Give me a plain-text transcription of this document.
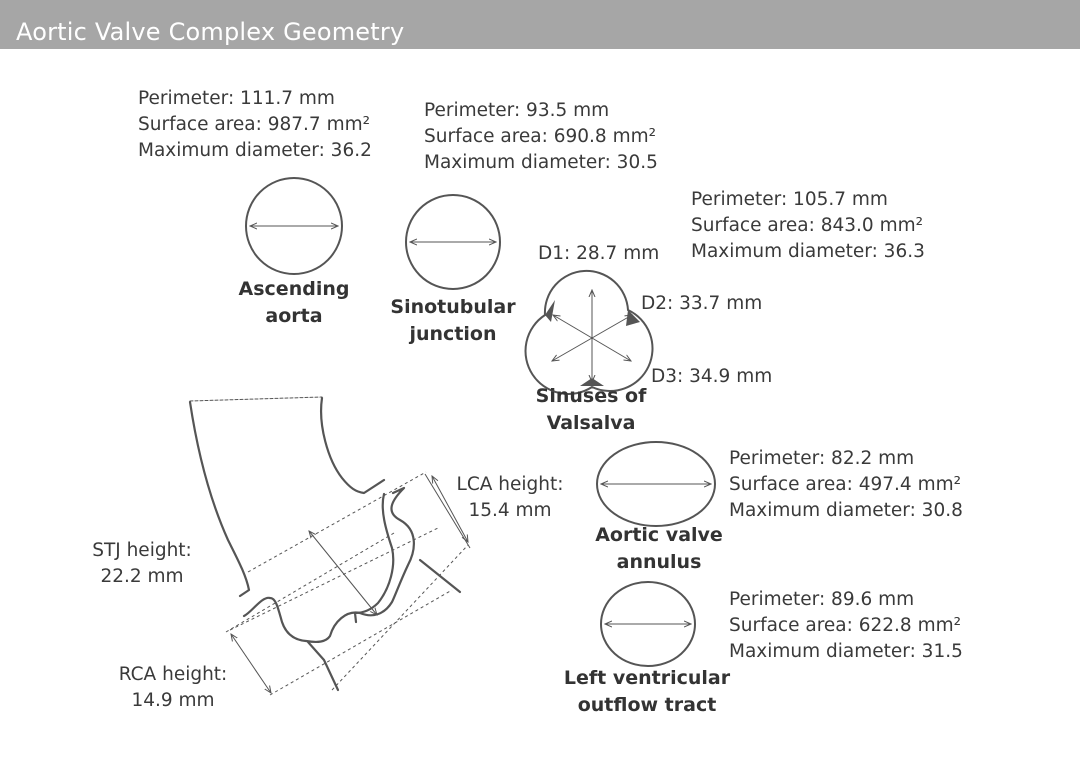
Aortic Valve Complex Geometry
Perimeter: 111.7 mm
Surface area: 987.7 mm²
Maximum diameter: 36.2
Ascending
aorta
Perimeter: 93.5 mm
Surface area: 690.8 mm²
Maximum diameter: 30.5
Sinotubular
junction
Perimeter: 105.7 mm
Surface area: 843.0 mm²
Maximum diameter: 36.3
D1: 28.7 mm
D2: 33.7 mm
D3: 34.9 mm
Sinuses of
Valsalva
Perimeter: 82.2 mm
Surface area: 497.4 mm²
Maximum diameter: 30.8
Aortic valve
annulus
Perimeter: 89.6 mm
Surface area: 622.8 mm²
Maximum diameter: 31.5
Left ventricular
outflow tract
LCA height:
15.4 mm
STJ height:
22.2 mm
RCA height:
14.9 mm
